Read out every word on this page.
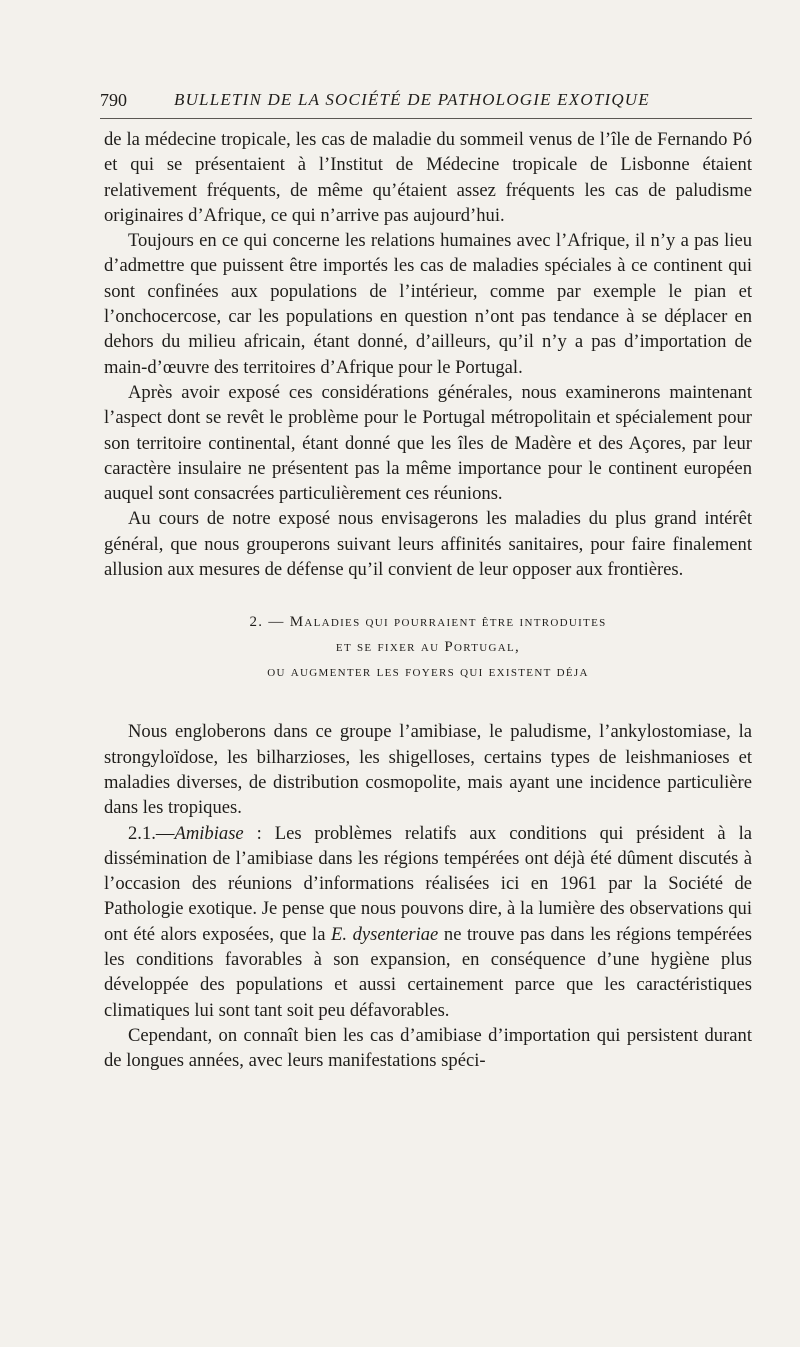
790	BULLETIN DE LA SOCIÉTÉ DE PATHOLOGIE EXOTIQUE

de la médecine tropicale, les cas de maladie du sommeil venus de l’île de Fernando Pó et qui se présentaient à l’Institut de Médecine tropicale de Lisbonne étaient relativement fréquents, de même qu’étaient assez fréquents les cas de paludisme originaires d’Afrique, ce qui n’arrive pas aujourd’hui.

Toujours en ce qui concerne les relations humaines avec l’Afrique, il n’y a pas lieu d’admettre que puissent être importés les cas de maladies spéciales à ce continent qui sont confinées aux populations de l’intérieur, comme par exemple le pian et l’onchocercose, car les populations en question n’ont pas tendance à se déplacer en dehors du milieu africain, étant donné, d’ailleurs, qu’il n’y a pas d’importation de main-d’œuvre des territoires d’Afrique pour le Portugal.

Après avoir exposé ces considérations générales, nous examinerons maintenant l’aspect dont se revêt le problème pour le Portugal métropolitain et spécialement pour son territoire continental, étant donné que les îles de Madère et des Açores, par leur caractère insulaire ne présentent pas la même importance pour le continent européen auquel sont consacrées particulièrement ces réunions.

Au cours de notre exposé nous envisagerons les maladies du plus grand intérêt général, que nous grouperons suivant leurs affinités sanitaires, pour faire finalement allusion aux mesures de défense qu’il convient de leur opposer aux frontières.

2. — Maladies qui pourraient être introduites
et se fixer au Portugal,
ou augmenter les foyers qui existent déja

Nous engloberons dans ce groupe l’amibiase, le paludisme, l’ankylostomiase, la strongyloïdose, les bilharzioses, les shigelloses, certains types de leishmanioses et maladies diverses, de distribution cosmopolite, mais ayant une incidence particulière dans les tropiques.

2.1.—Amibiase : Les problèmes relatifs aux conditions qui président à la dissémination de l’amibiase dans les régions tempérées ont déjà été dûment discutés à l’occasion des réunions d’informations réalisées ici en 1961 par la Société de Pathologie exotique. Je pense que nous pouvons dire, à la lumière des observations qui ont été alors exposées, que la E. dysenteriae ne trouve pas dans les régions tempérées les conditions favorables à son expansion, en conséquence d’une hygiène plus développée des populations et aussi certainement parce que les caractéristiques climatiques lui sont tant soit peu défavorables.

Cependant, on connaît bien les cas d’amibiase d’importation qui persistent durant de longues années, avec leurs manifestations spéci-
